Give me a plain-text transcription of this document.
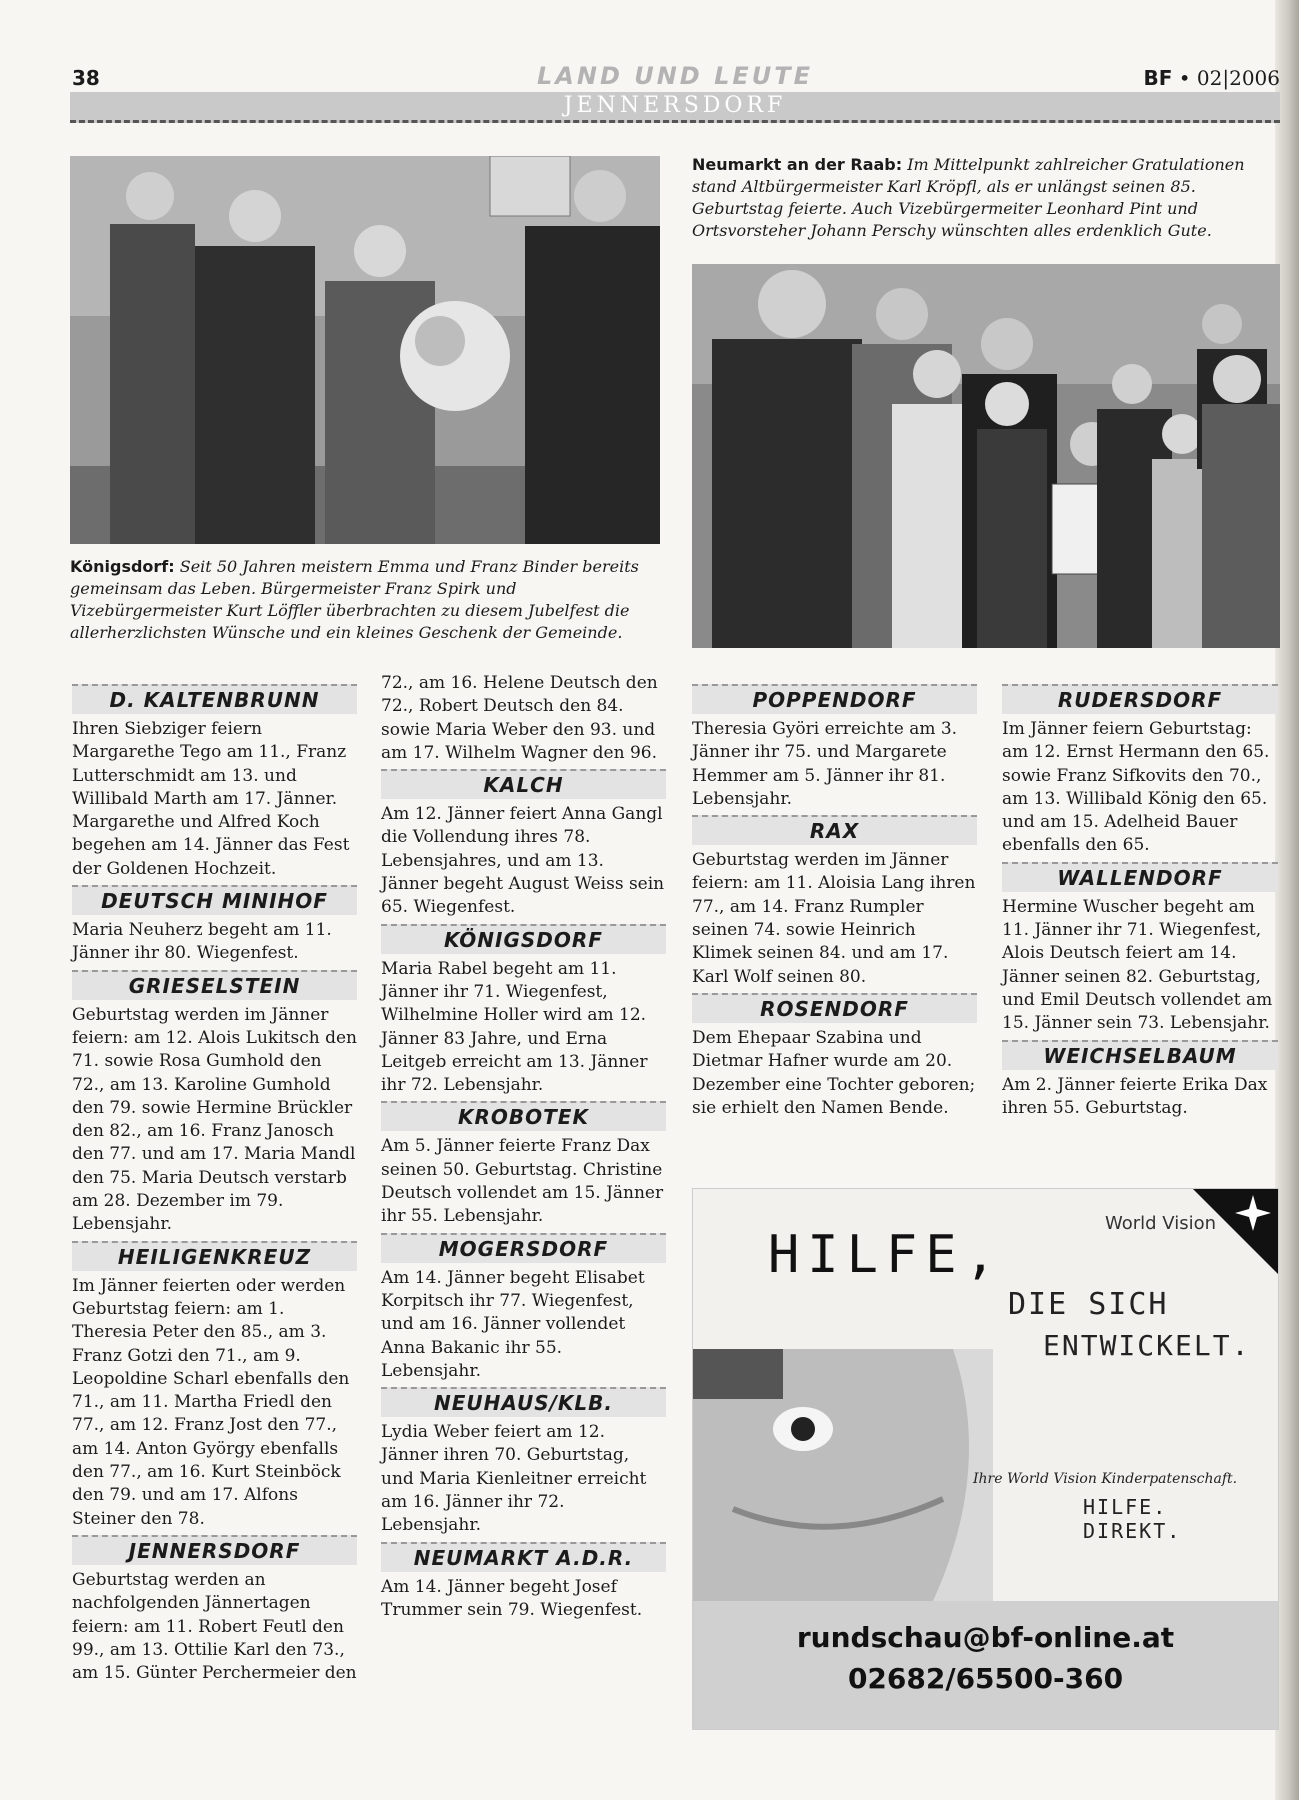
38	LAND UND LEUTE	BF • 02|2006
JENNERSDORF
Königsdorf: Seit 50 Jahren meistern Emma und Franz Binder bereits gemeinsam das Leben. Bürgermeister Franz Spirk und Vizebürgermeister Kurt Löffler überbrachten zu diesem Jubelfest die allerherzlichsten Wünsche und ein kleines Geschenk der Gemeinde.
Neumarkt an der Raab: Im Mittelpunkt zahlreicher Gratulationen stand Altbürgermeister Karl Kröpfl, als er unlängst seinen 85. Geburtstag feierte. Auch Vizebürgermeiter Leonhard Pint und Ortsvorsteher Johann Perschy wünschten alles erdenklich Gute.
D. KALTENBRUNN

Ihren Siebziger feiern Margarethe Tego am 11., Franz Lutterschmidt am 13. und Willibald Marth am 17. Jänner. Margarethe und Alfred Koch begehen am 14. Jänner das Fest der Goldenen Hochzeit.

DEUTSCH MINIHOF

Maria Neuherz begeht am 11. Jänner ihr 80. Wiegenfest.

GRIESELSTEIN

Geburtstag werden im Jänner feiern: am 12. Alois Lukitsch den 71. sowie Rosa Gumhold den 72., am 13. Karoline Gumhold den 79. sowie Hermine Brückler den 82., am 16. Franz Janosch den 77. und am 17. Maria Mandl den 75. Maria Deutsch verstarb am 28. Dezember im 79. Lebensjahr.

HEILIGENKREUZ

Im Jänner feierten oder werden Geburtstag feiern: am 1. Theresia Peter den 85., am 3. Franz Gotzi den 71., am 9. Leopoldine Scharl ebenfalls den 71., am 11. Martha Friedl den 77., am 12. Franz Jost den 77., am 14. Anton György ebenfalls den 77., am 16. Kurt Steinböck den 79. und am 17. Alfons Steiner den 78.

JENNERSDORF

Geburtstag werden an nachfolgenden Jännertagen feiern: am 11. Robert Feutl den 99., am 13. Ottilie Karl den 73., am 15. Günter Perchermeier den

72., am 16. Helene Deutsch den 72., Robert Deutsch den 84. sowie Maria Weber den 93. und am 17. Wilhelm Wagner den 96.

KALCH

Am 12. Jänner feiert Anna Gangl die Vollendung ihres 78. Lebensjahres, und am 13. Jänner begeht August Weiss sein 65. Wiegenfest.

KÖNIGSDORF

Maria Rabel begeht am 11. Jänner ihr 71. Wiegenfest, Wilhelmine Holler wird am 12. Jänner 83 Jahre, und Erna Leitgeb erreicht am 13. Jänner ihr 72. Lebensjahr.

KROBOTEK

Am 5. Jänner feierte Franz Dax seinen 50. Geburtstag. Christine Deutsch vollendet am 15. Jänner ihr 55. Lebensjahr.

MOGERSDORF

Am 14. Jänner begeht Elisabet Korpitsch ihr 77. Wiegenfest, und am 16. Jänner vollendet Anna Bakanic ihr 55. Lebensjahr.

NEUHAUS/KLB.

Lydia Weber feiert am 12. Jänner ihren 70. Geburtstag, und Maria Kienleitner erreicht am 16. Jänner ihr 72. Lebensjahr.

NEUMARKT A.D.R.

Am 14. Jänner begeht Josef Trummer sein 79. Wiegenfest.

POPPENDORF

Theresia Györi erreichte am 3. Jänner ihr 75. und Margarete Hemmer am 5. Jänner ihr 81. Lebensjahr.

RAX

Geburtstag werden im Jänner feiern: am 11. Aloisia Lang ihren 77., am 14. Franz Rumpler seinen 74. sowie Heinrich Klimek seinen 84. und am 17. Karl Wolf seinen 80.

ROSENDORF

Dem Ehepaar Szabina und Dietmar Hafner wurde am 20. Dezember eine Tochter geboren; sie erhielt den Namen Bende.

RUDERSDORF

Im Jänner feiern Geburtstag: am 12. Ernst Hermann den 65. sowie Franz Sifkovits den 70., am 13. Willibald König den 65. und am 15. Adelheid Bauer ebenfalls den 65.

WALLENDORF

Hermine Wuscher begeht am 11. Jänner ihr 71. Wiegenfest, Alois Deutsch feiert am 14. Jänner seinen 82. Geburtstag, und Emil Deutsch vollendet am 15. Jänner sein 73. Lebensjahr.

WEICHSELBAUM

Am 2. Jänner feierte Erika Dax ihren 55. Geburtstag.

World Vision
HILFE,
DIE SICH
ENTWICKELT.
Ihre World Vision Kinderpatenschaft.
HILFE. DIREKT.
rundschau@bf-online.at
02682/65500-360
